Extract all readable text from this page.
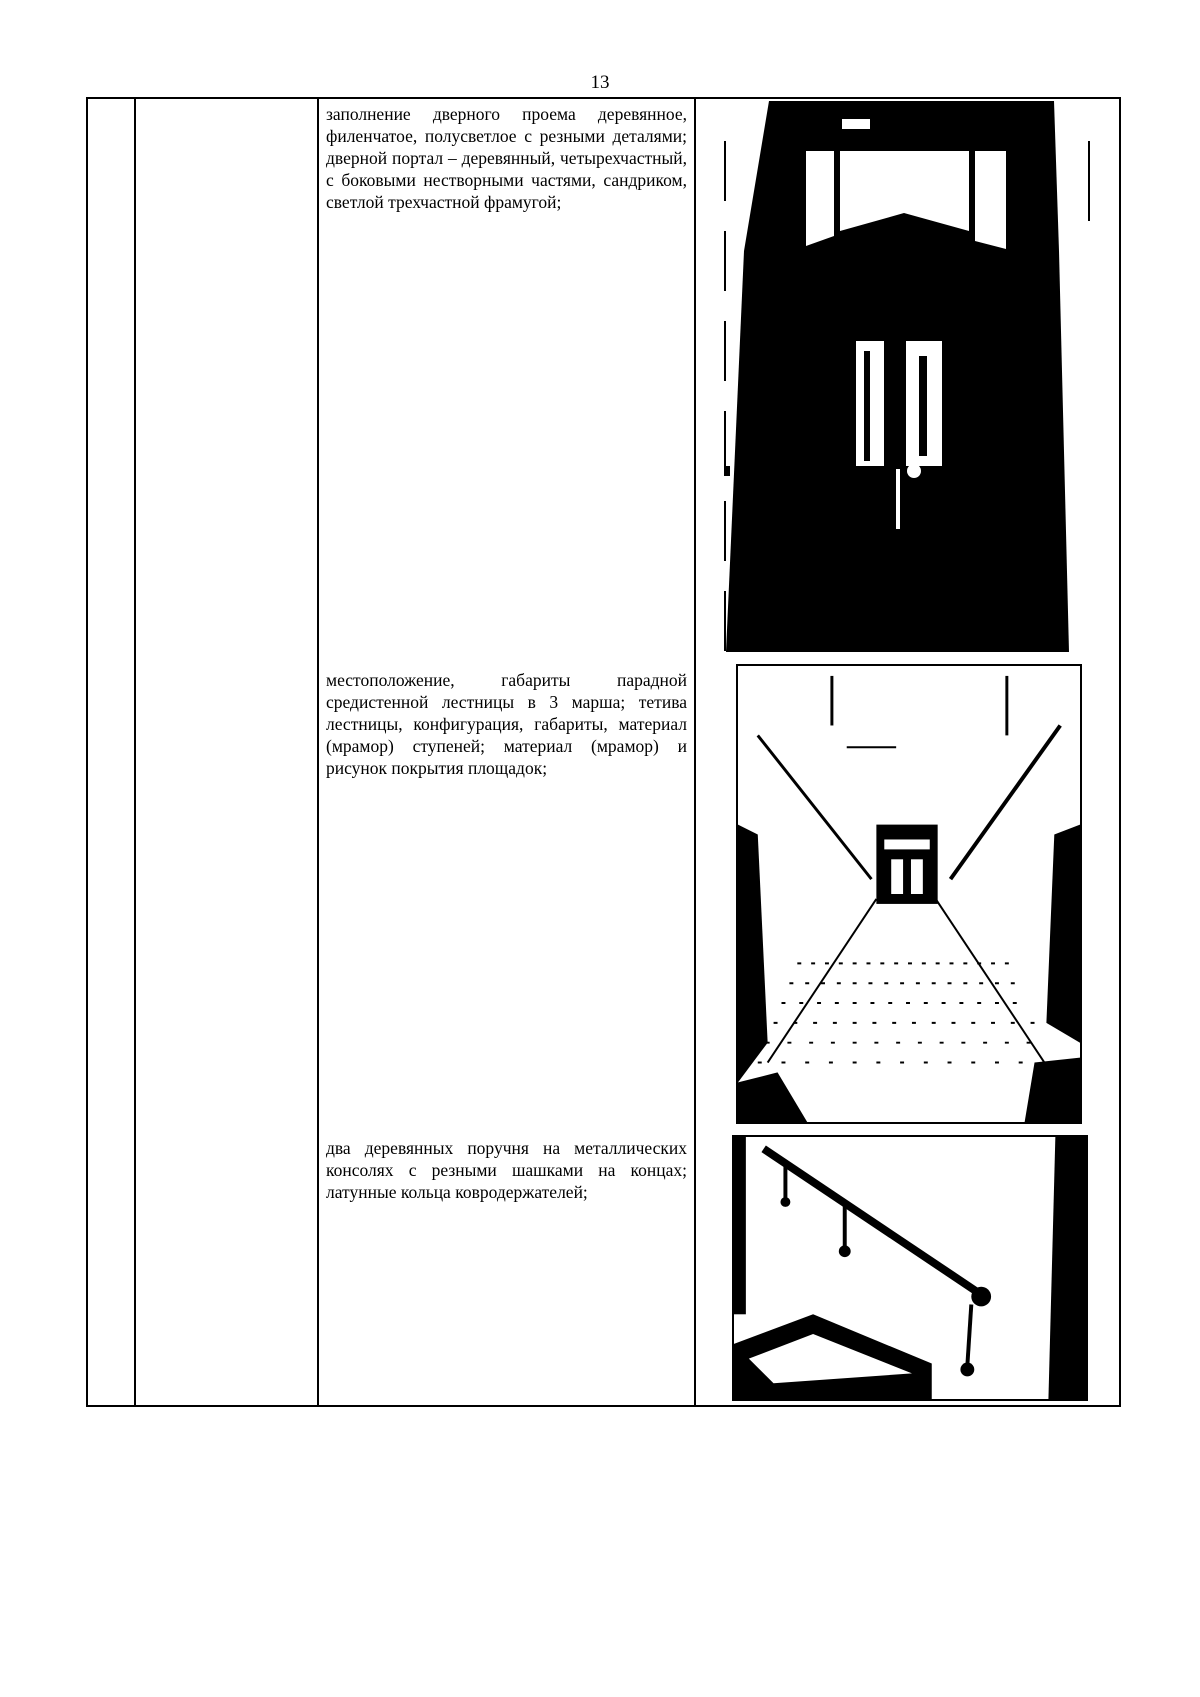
13
заполнение дверного проема деревянное, филенчатое, полусветлое с резными деталями; дверной портал – деревянный, четырехчастный, с боковыми нестворными частями, сандриком, светлой трехчастной фрамугой;
местоположение, габариты парадной средистенной лестницы в 3 марша; тетива лестницы, конфигурация, габариты, материал (мрамор) ступеней; материал (мрамор) и рисунок покрытия площадок;
два деревянных поручня на металлических консолях с резными шашками на концах; латунные кольца ковродержателей;
